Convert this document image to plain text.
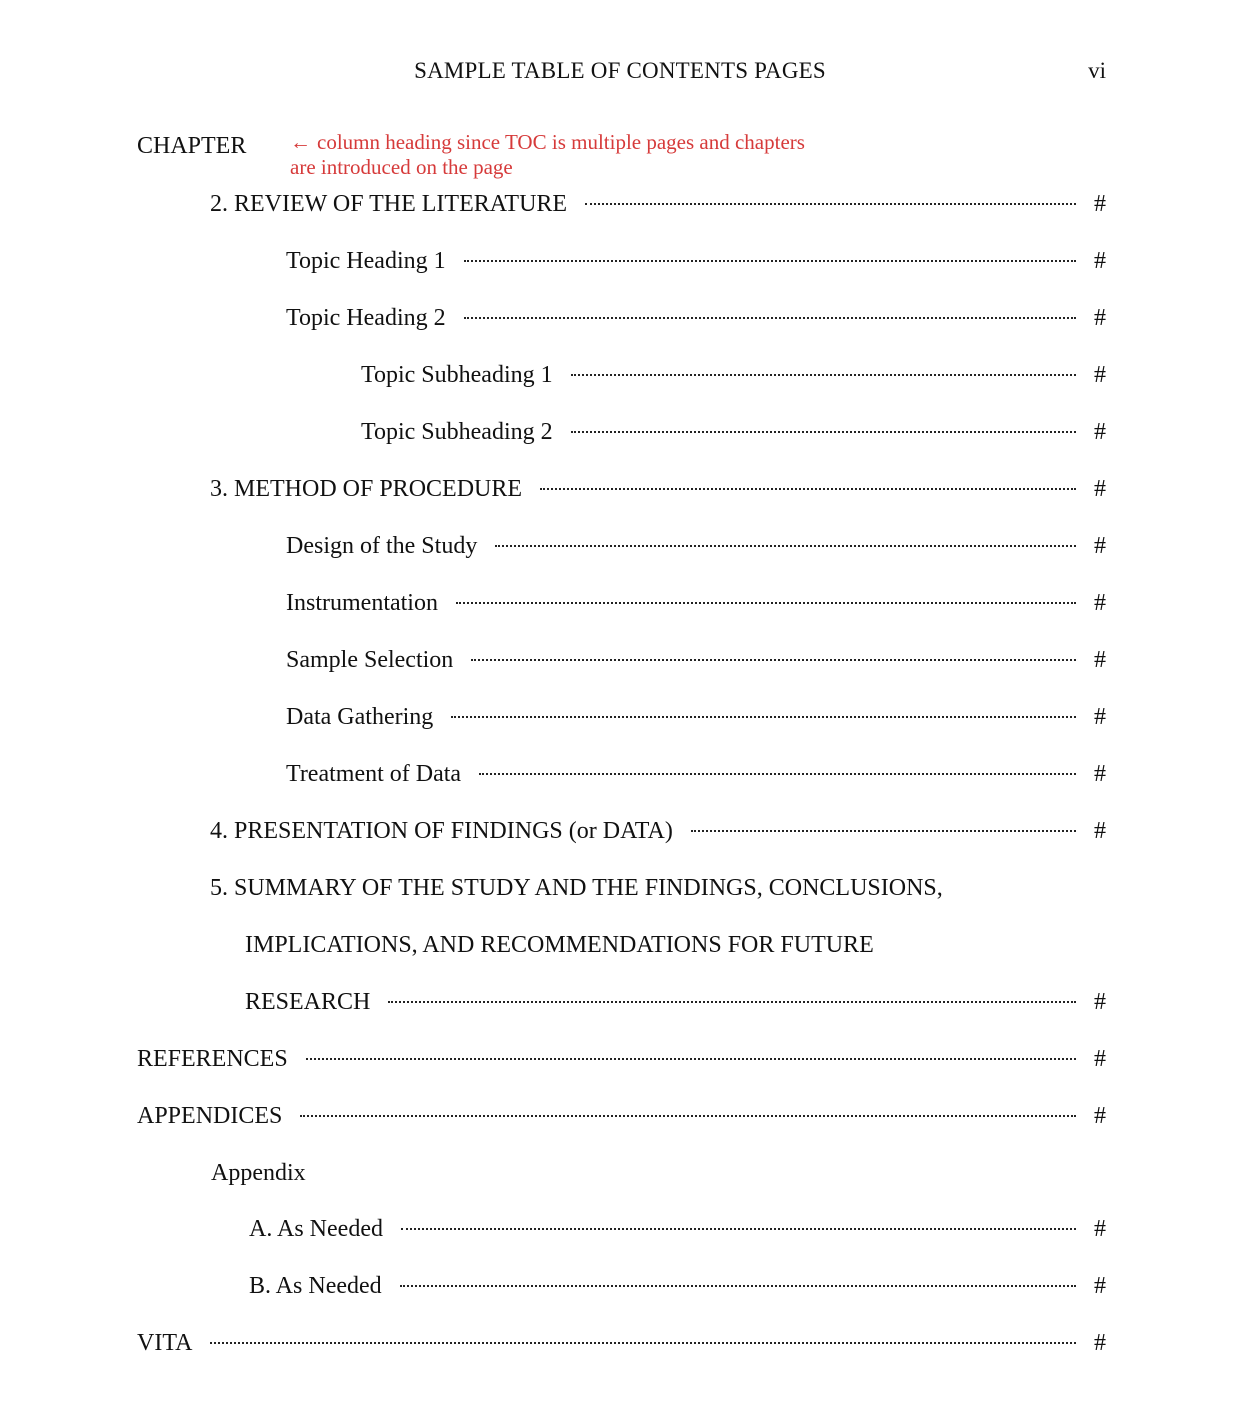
SAMPLE TABLE OF CONTENTS PAGES	vi
CHAPTER ← column heading since TOC is multiple pages and chapters
are introduced on the page
2. REVIEW OF THE LITERATURE	#
Topic Heading 1	#
Topic Heading 2	#
Topic Subheading 1	#
Topic Subheading 2	#
3. METHOD OF PROCEDURE	#
Design of the Study	#
Instrumentation	#
Sample Selection	#
Data Gathering	#
Treatment of Data	#
4. PRESENTATION OF FINDINGS (or DATA)	#
5. SUMMARY OF THE STUDY AND THE FINDINGS, CONCLUSIONS,
IMPLICATIONS, AND RECOMMENDATIONS FOR FUTURE
RESEARCH	#
REFERENCES	#
APPENDICES	#
Appendix
A. As Needed	#
B. As Needed	#
VITA	#
